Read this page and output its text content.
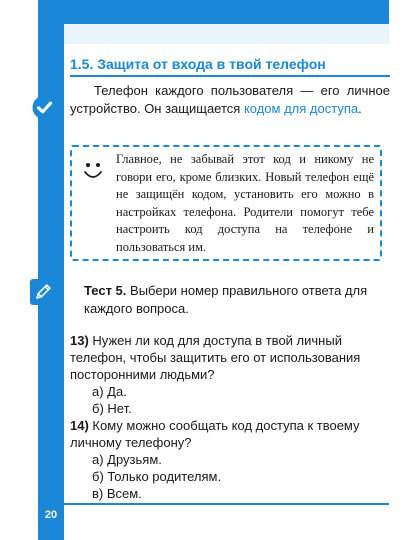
1.5. Защита от входа в твой телефон

Телефон каждого пользователя — его личное устройство. Он защищается кодом для доступа.

Главное, не забывай этот код и никому не говори его, кроме близких. Новый телефон ещё не защищён кодом, установить его можно в настройках телефона. Родители помогут тебе настроить код доступа на телефоне и пользоваться им.

Тест 5. Выбери номер правильного ответа для каждого вопроса.

13) Нужен ли код для доступа в твой личный телефон, чтобы защитить его от использования посторонними людьми?

а) Да.
б) Нет.

14) Кому можно сообщать код доступа к твоему личному телефону?

а) Друзьям.
б) Только родителям.
в) Всем.
20
